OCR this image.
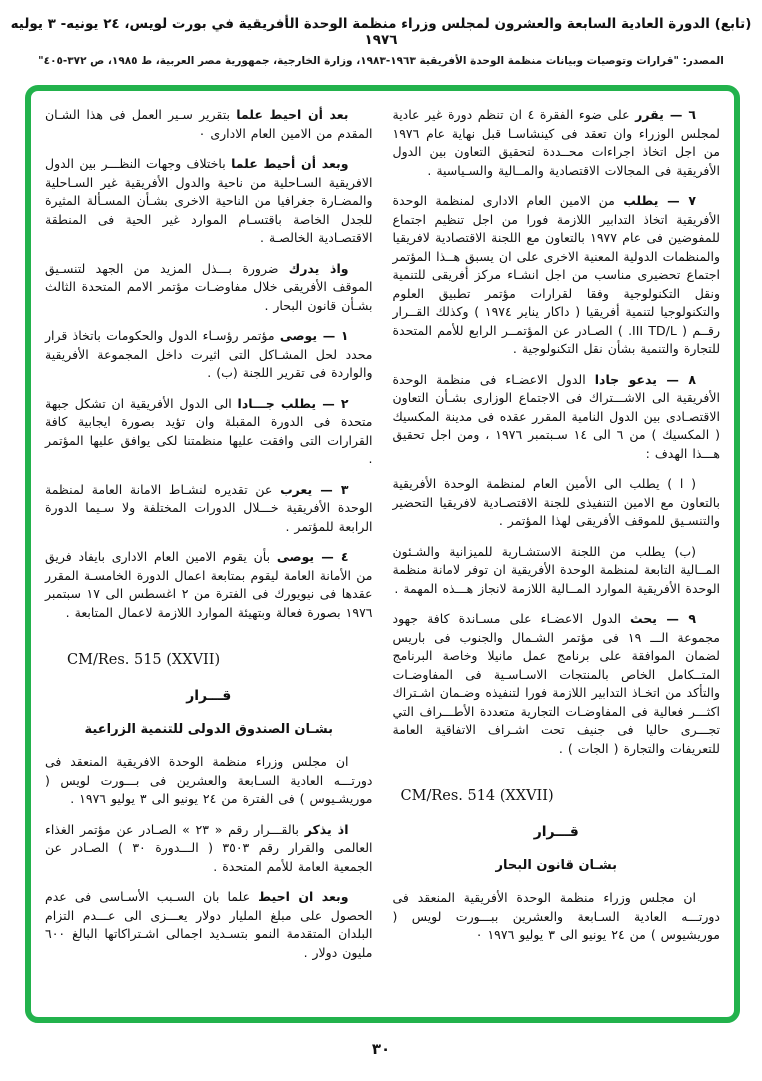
(تابع) الدورة العادية السابعة والعشرون لمجلس وزراء منظمة الوحدة الأفريقية في بورت لويس، ٢٤ يونيه- ٣ يوليه ١٩٧٦
المصدر: "قرارات وتوصيات وبيانات منظمة الوحدة الأفريقية ١٩٦٣-١٩٨٣، وزارة الخارجية، جمهورية مصر العربية، ط ١٩٨٥، ص ٣٧٢-٤٠٥"

٦ — يقرر على ضوء الفقرة ٤ ان تنظم دورة غير عادية لمجلس الوزراء وان تعقد فى كينشاسـا قبل نهاية عام ١٩٧٦ من اجل اتخاذ اجراءات محــددة لتحقيق التعاون بين الدول الأفريقية فى المجالات الاقتصادية والمــالية والسـياسية .

٧ — يطلب من الامين العام الادارى لمنظمة الوحدة الأفريقية اتخاذ التدابير اللازمة فورا من اجل تنظيم اجتماع للمفوضين فى عام ١٩٧٧ بالتعاون مع اللجنة الاقتصادية لافريقيا والمنظمات الدولية المعنية الاخرى على ان يسبق هــذا المؤتمر اجتماع تحضيرى مناسب من اجل انشـاء مركز أفريقى للتنمية ونقل التكنولوجية وفقا لقرارات مؤتمر تطبيق العلوم والتكنولوجيا لتنمية أفريقيا ( داكار يناير ١٩٧٤ ) وكذلك القــرار رقــم ( III TD/L. ) الصـادر عن المؤتمــر الرابع للأمم المتحدة للتجارة والتنمية بشأن نقل التكنولوجية .

٨ — يدعو جادا الدول الاعضـاء فى منظمة الوحدة الأفريقية الى الاشـــتراك فى الاجتماع الوزارى بشـأن التعاون الاقتصـادى بين الدول النامية المقرر عقده فى مدينة المكسيك ( المكسيك ) من ٦ الى ١٤ سـبتمبر ١٩٧٦ ، ومن اجل تحقيق هـــذا الهدف :

( ا ) يطلب الى الأمين العام لمنظمة الوحدة الأفريقية بالتعاون مع الامين التنفيذى للجنة الاقتصـادية لافريقيا التحضير والتنسـيق للموقف الأفريقى لهذا المؤتمر .

(ب) يطلب من اللجنة الاستشـارية للميزانية والشـئون المــالية التابعة لمنظمة الوحدة الأفريقية ان توفر لامانة منظمة الوحدة الأفريقية الموارد المــالية اللازمة لانجاز هـــذه المهمة .

٩ — يحث الدول الاعضـاء على مسـاندة كافة جهود مجموعة الـــ ١٩ فى مؤتمر الشـمال والجنوب فى باريس لضمان الموافقة على برنامج عمل مانيلا وخاصة البرنامج المتــكامل الخاص بالمنتجات الاسـاسـية فى المفاوضـات والتأكد من اتخـاذ التدابير اللازمة فورا لتنفيذه وضـمان اشـتراك اكثـــر فعالية فى المفاوضـات التجارية متعددة الأطـــراف التي تجـــرى حاليا فى جنيف تحت اشـراف الاتفاقية العامة للتعريفات والتجارة ( الجات ) .

CM/Res. 514 (XXVII)
قـــرار
بشـان قانون البحار

ان مجلس وزراء منظمة الوحدة الأفريقية المنعقد فى دورتـــه العادية السـابعة والعشرين ببـــورت لويس ( موريشيوس ) من ٢٤ يونيو الى ٣ يوليو ١٩٧٦ ٠

بعد أن احيط علما بتقرير سـير العمل فى هذا الشـان المقدم من الامين العام الادارى ٠

وبعد أن أحيط علما باختلاف وجهات النظـــر بين الدول الافريقية السـاحلية من ناحية والدول الأفريقية غير السـاحلية والمضـارة جغرافيا من الناحية الاخرى بشـأن المسـألة المثيرة للجدل الخاصة باقتسـام الموارد غير الحية فى المنطقة الاقتصـادية الخالصـة .

واذ يدرك ضرورة بـــذل المزيد من الجهد لتنسـيق الموقف الأفريقى خلال مفاوضـات مؤتمر الامم المتحدة الثالث بشـأن قانون البحار .

١ — يوصى مؤتمر رؤسـاء الدول والحكومات باتخاذ قرار محدد لحل المشـاكل التى اثيرت داخل المجموعة الأفريقية والواردة فى تقرير اللجنة (ب) .

٢ — يطلب جـــادا الى الدول الأفريقية ان تشكل جبهة متحدة فى الدورة المقبلة وان تؤيد بصورة ايجابية كافة القرارات التى وافقت عليها منظمتنا لكى يوافق عليها المؤتمر .

٣ — يعرب عن تقديره لنشـاط الامانة العامة لمنظمة الوحدة الأفريقية خـــلال الدورات المختلفة ولا سـيما الدورة الرابعة للمؤتمر .

٤ — يوصى بأن يقوم الامين العام الادارى بايفاد فريق من الأمانة العامة ليقوم بمتابعة اعمال الدورة الخامسـة المقرر عقدها فى نيويورك فى الفترة من ٢ اغسطس الى ١٧ سبتمبر ١٩٧٦ بصورة فعالة وبتهيئة الموارد اللازمة لاعمال المتابعة .

CM/Res. 515 (XXVII)
قـــرار
بشـان الصندوق الدولى للتنمية الزراعية

ان مجلس وزراء منظمة الوحدة الافريقية المنعقد فى دورتـــه العادية السـابعة والعشرين فى بـــورت لويس ( موريشـيوس ) فى الفترة من ٢٤ يونيو الى ٣ يوليو ١٩٧٦ .

اذ يذكر بالقـــرار رقم « ٢٣ » الصـادر عن مؤتمر الغذاء العالمى والقرار رقم ٣٥٠٣ ( الـــدورة ٣٠ ) الصـادر عن الجمعية العامة للأمم المتحدة .

وبعد ان احيط علما بان السـبب الأسـاسى فى عدم الحصول على مبلغ المليار دولار يعـــزى الى عـــدم التزام البلدان المتقدمة النمو بتسـديد اجمالى اشـتراكاتها البالغ ٦٠٠ مليون دولار .

٣٠
